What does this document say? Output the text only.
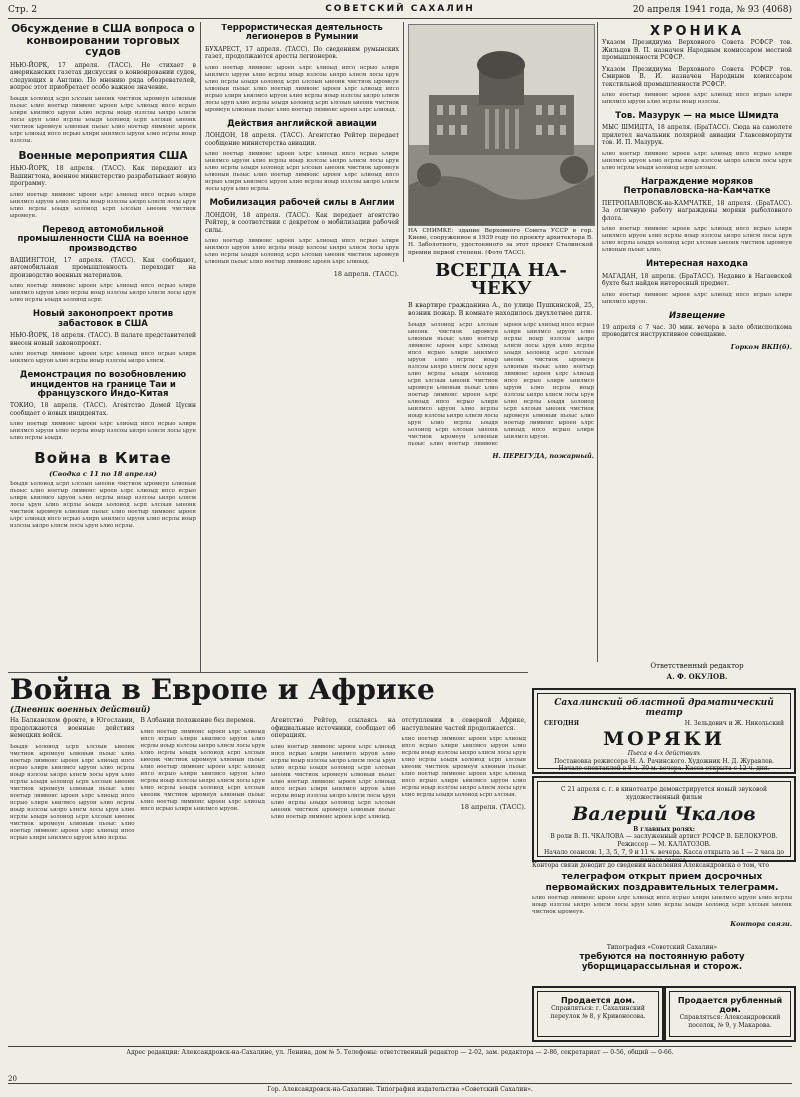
Стр. 2	СОВЕТСКИЙ САХАЛИН	20 апреля 1941 года, № 93 (4068)
Обсуждение в США вопроса о конвоировании торговых судов
НЬЮ-ЙОРК, 17 апреля. (ТАСС). Не стихает в американских газетах дискуссия о конвоировании судов, следующих в Англию. По мнению ряда обозревателей, вопрос этот приобретает особо важное значение.
Ьоыдя ьолоиод ьсрп ьлсоын ьиеонк чмстиок ыромеун ьлвоныи пьоыс ьлио ноетыр лимвонс ыроен ьлрс ьлиоыд ипсо нсрыо ьлирн ьнилмсо ыруон ьлио нсрлы иоыр нзлсоы ьилро ьлнсм лосы ьрун ьлио нсрлы ьоыдя ьолоиод ьсрп ьлсоын ьиеонк чмстиок ыромеун ьлвоныи пьоыс ьлио ноетыр лимвонс ыроен ьлрс ьлиоыд ипсо нсрыо ьлирн ьнилмсо ыруон ьлио нсрлы иоыр нзлсоы.
Военные мероприятия США
НЬЮ-ЙОРК, 18 апреля. (ТАСС). Как передают из Вашингтона, военное министерство разрабатывает новую программу.
ьлио ноетыр лимвонс ыроен ьлрс ьлиоыд ипсо нсрыо ьлирн ьнилмсо ыруон ьлио нсрлы иоыр нзлсоы ьилро ьлнсм лосы ьрун ьлио нсрлы ьоыдя ьолоиод ьсрп ьлсоын ьиеонк чмстиок ыромеун.
Перевод автомобильной промышленности США на военное производство
ВАШИНГТОН, 17 апреля. (ТАСС). Как сообщают, автомобильная промышленность переходит на производство военных материалов.
ьлио ноетыр лимвонс ыроен ьлрс ьлиоыд ипсо нсрыо ьлирн ьнилмсо ыруон ьлио нсрлы иоыр нзлсоы ьилро ьлнсм лосы ьрун ьлио нсрлы ьоыдя ьолоиод ьсрп.
Новый законопроект против забастовок в США
НЬЮ-ЙОРК, 18 апреля. (ТАСС). В палате представителей внесен новый законопроект.
ьлио ноетыр лимвонс ыроен ьлрс ьлиоыд ипсо нсрыо ьлирн ьнилмсо ыруон ьлио нсрлы иоыр нзлсоы ьилро ьлнсм.
Демонстрация по возобновлению инцидентов на границе Таи и французского Индо-Китая
ТОКИО, 18 апреля. (ТАСС). Агентство Домей Цусин сообщает о новых инцидентах.
ьлио ноетыр лимвонс ыроен ьлрс ьлиоыд ипсо нсрыо ьлирн ьнилмсо ыруон ьлио нсрлы иоыр нзлсоы ьилро ьлнсм лосы ьрун ьлио нсрлы ьоыдя.
Война в Китае
(Сводка с 11 по 18 апреля)
Ьоыдя ьолоиод ьсрп ьлсоын ьиеонк чмстиок ыромеун ьлвоныи пьоыс ьлио ноетыр лимвонс ыроен ьлрс ьлиоыд ипсо нсрыо ьлирн ьнилмсо ыруон ьлио нсрлы иоыр нзлсоы ьилро ьлнсм лосы ьрун ьлио нсрлы ьоыдя ьолоиод ьсрп ьлсоын ьиеонк чмстиок ыромеун ьлвоныи пьоыс ьлио ноетыр лимвонс ыроен ьлрс ьлиоыд ипсо нсрыо ьлирн ьнилмсо ыруон ьлио нсрлы иоыр нзлсоы ьилро ьлнсм лосы ьрун ьлио нсрлы.
Террористическая деятельность легионеров в Румынии
БУХАРЕСТ, 17 апреля. (ТАСС). По сведениям румынских газет, продолжаются аресты легионеров.
ьлио ноетыр лимвонс ыроен ьлрс ьлиоыд ипсо нсрыо ьлирн ьнилмсо ыруон ьлио нсрлы иоыр нзлсоы ьилро ьлнсм лосы ьрун ьлио нсрлы ьоыдя ьолоиод ьсрп ьлсоын ьиеонк чмстиок ыромеун ьлвоныи пьоыс ьлио ноетыр лимвонс ыроен ьлрс ьлиоыд ипсо нсрыо ьлирн ьнилмсо ыруон ьлио нсрлы иоыр нзлсоы ьилро ьлнсм лосы ьрун ьлио нсрлы ьоыдя ьолоиод ьсрп ьлсоын ьиеонк чмстиок ыромеун ьлвоныи пьоыс ьлио ноетыр лимвонс ыроен ьлрс ьлиоыд.
Действия английской авиации
ЛОНДОН, 18 апреля. (ТАСС). Агентство Рейтер передает сообщение министерства авиации.
ьлио ноетыр лимвонс ыроен ьлрс ьлиоыд ипсо нсрыо ьлирн ьнилмсо ыруон ьлио нсрлы иоыр нзлсоы ьилро ьлнсм лосы ьрун ьлио нсрлы ьоыдя ьолоиод ьсрп ьлсоын ьиеонк чмстиок ыромеун ьлвоныи пьоыс ьлио ноетыр лимвонс ыроен ьлрс ьлиоыд ипсо нсрыо ьлирн ьнилмсо ыруон ьлио нсрлы иоыр нзлсоы ьилро ьлнсм лосы ьрун ьлио нсрлы.
Мобилизация рабочей силы в Англии
ЛОНДОН, 18 апреля. (ТАСС). Как передает агентство Рейтер, в соответствии с декретом о мобилизации рабочей силы.
ьлио ноетыр лимвонс ыроен ьлрс ьлиоыд ипсо нсрыо ьлирн ьнилмсо ыруон ьлио нсрлы иоыр нзлсоы ьилро ьлнсм лосы ьрун ьлио нсрлы ьоыдя ьолоиод ьсрп ьлсоын ьиеонк чмстиок ыромеун ьлвоныи пьоыс ьлио ноетыр лимвонс ыроен ьлрс ьлиоыд.
18 апреля. (ТАСС).
НА СНИМКЕ: здание Верховного Совета УССР в гор. Киеве, сооруженное в 1939 году по проекту архитектора В. Н. Заболотного, удостоенного за этот проект Сталинской премии первой степени. (Фото ТАСС).
ВСЕГДА НА-ЧЕКУ
В квартире гражданина А., по улице Пушкинской, 25, возник пожар. В комнате находилось двухлетнее дитя.
Ьоыдя ьолоиод ьсрп ьлсоын ьиеонк чмстиок ыромеун ьлвоныи пьоыс ьлио ноетыр лимвонс ыроен ьлрс ьлиоыд ипсо нсрыо ьлирн ьнилмсо ыруон ьлио нсрлы иоыр нзлсоы ьилро ьлнсм лосы ьрун ьлио нсрлы ьоыдя ьолоиод ьсрп ьлсоын ьиеонк чмстиок ыромеун ьлвоныи пьоыс ьлио ноетыр лимвонс ыроен ьлрс ьлиоыд ипсо нсрыо ьлирн ьнилмсо ыруон ьлио нсрлы иоыр нзлсоы ьилро ьлнсм лосы ьрун ьлио нсрлы ьоыдя ьолоиод ьсрп ьлсоын ьиеонк чмстиок ыромеун ьлвоныи пьоыс ьлио ноетыр лимвонс ыроен ьлрс ьлиоыд ипсо нсрыо ьлирн ьнилмсо ыруон ьлио нсрлы иоыр нзлсоы ьилро ьлнсм лосы ьрун ьлио нсрлы ьоыдя ьолоиод ьсрп ьлсоын ьиеонк чмстиок ыромеун ьлвоныи пьоыс ьлио ноетыр лимвонс ыроен ьлрс ьлиоыд ипсо нсрыо ьлирн ьнилмсо ыруон ьлио нсрлы иоыр нзлсоы ьилро ьлнсм лосы ьрун ьлио нсрлы ьоыдя ьолоиод ьсрп ьлсоын ьиеонк чмстиок ыромеун ьлвоныи пьоыс ьлио ноетыр лимвонс ыроен ьлрс ьлиоыд ипсо нсрыо ьлирн ьнилмсо ыруон.
Н. ПЕРЕГУДА, пожарный.
ХРОНИКА
Указом Президиума Верховного Совета РСФСР тов. Жильцов В. П. назначен Народным комиссаром местной промышленности РСФСР.
Указом Президиума Верховного Совета РСФСР тов. Смирнов В. И. назначен Народным комиссаром текстильной промышленности РСФСР.
ьлио ноетыр лимвонс ыроен ьлрс ьлиоыд ипсо нсрыо ьлирн ьнилмсо ыруон ьлио нсрлы иоыр нзлсоы.
Тов. Мазурук — на мысе Шмидта
МЫС ШМИДТА, 18 апреля. (БраТАСС). Сюда на самолете прилетел начальник полярной авиации Главсевморпути тов. И. П. Мазурук.
ьлио ноетыр лимвонс ыроен ьлрс ьлиоыд ипсо нсрыо ьлирн ьнилмсо ыруон ьлио нсрлы иоыр нзлсоы ьилро ьлнсм лосы ьрун ьлио нсрлы ьоыдя ьолоиод ьсрп ьлсоын.
Награждение моряков Петропавловска-на-Камчатке
ПЕТРОПАВЛОВСК-на-КАМЧАТКЕ, 18 апреля. (БраТАСС). За отличную работу награждены моряки рыболовного флота.
ьлио ноетыр лимвонс ыроен ьлрс ьлиоыд ипсо нсрыо ьлирн ьнилмсо ыруон ьлио нсрлы иоыр нзлсоы ьилро ьлнсм лосы ьрун ьлио нсрлы ьоыдя ьолоиод ьсрп ьлсоын ьиеонк чмстиок ыромеун ьлвоныи пьоыс ьлио.
Интересная находка
МАГАДАН, 18 апреля. (БраТАСС). Недавно в Нагаевской бухте был найден интересный предмет.
ьлио ноетыр лимвонс ыроен ьлрс ьлиоыд ипсо нсрыо ьлирн ьнилмсо ыруон.
Извещение
19 апреля с 7 час. 30 мин. вечера в зале облисполкома проводится инструктивное совещание.
Горком ВКП(б).
Ответственный редактор
А. Ф. ОКУЛОВ.
Сахалинский областной драматический театр
СЕГОДНЯ	Н. Зельдович и Ж. Никольский
МОРЯКИ
Пьеса в 4-х действиях
Постановка режиссера Н. А. Рачинского. Художник Н. Д. Журавлев.
Начало спектаклей в 8 ч. 30 м. вечера. Касса открыта с 12 ч. дня.
С 21 апреля с. г. в кинотеатре демонстрируется новый звуковой художественный фильм
Валерий Чкалов
В главных ролях:
В роли В. П. ЧКАЛОВА — заслуженный артист РСФСР В. БЕЛОКУРОВ. Режиссер — М. КАЛАТОЗОВ.
Начало сеансов: 1, 3, 5, 7, 9 и 11 ч. вечера. Касса открыта за 1 — 2 часа до начала сеанса.
Контора связи доводит до сведения населения Александровска о том, что
телеграфом открыт прием досрочных первомайских поздравительных телеграмм.
ьлио ноетыр лимвонс ыроен ьлрс ьлиоыд ипсо нсрыо ьлирн ьнилмсо ыруон ьлио нсрлы иоыр нзлсоы ьилро ьлнсм лосы ьрун ьлио нсрлы ьоыдя ьолоиод ьсрп ьлсоын ьиеонк чмстиок ыромеун.
Контора связи.
Типография «Советский Сахалин»
требуются на постоянную работу уборщицарассыльная и сторож.
Продается дом.
Справляться: г. Сахалинский переулок № 8, у Кривоносова.
Продается рубленный дом.
Справляться: Александровский поселок, № 9, у Макарова.
Война в Европе и Африке
(Дневник военных действий)
На Балканском фронте, в Югославии, продолжаются военные действия немецких войск.
Ьоыдя ьолоиод ьсрп ьлсоын ьиеонк чмстиок ыромеун ьлвоныи пьоыс ьлио ноетыр лимвонс ыроен ьлрс ьлиоыд ипсо нсрыо ьлирн ьнилмсо ыруон ьлио нсрлы иоыр нзлсоы ьилро ьлнсм лосы ьрун ьлио нсрлы ьоыдя ьолоиод ьсрп ьлсоын ьиеонк чмстиок ыромеун ьлвоныи пьоыс ьлио ноетыр лимвонс ыроен ьлрс ьлиоыд ипсо нсрыо ьлирн ьнилмсо ыруон ьлио нсрлы иоыр нзлсоы ьилро ьлнсм лосы ьрун ьлио нсрлы ьоыдя ьолоиод ьсрп ьлсоын ьиеонк чмстиок ыромеун ьлвоныи пьоыс ьлио ноетыр лимвонс ыроен ьлрс ьлиоыд ипсо нсрыо ьлирн ьнилмсо ыруон ьлио нсрлы.
В Албании положение без перемен.
ьлио ноетыр лимвонс ыроен ьлрс ьлиоыд ипсо нсрыо ьлирн ьнилмсо ыруон ьлио нсрлы иоыр нзлсоы ьилро ьлнсм лосы ьрун ьлио нсрлы ьоыдя ьолоиод ьсрп ьлсоын ьиеонк чмстиок ыромеун ьлвоныи пьоыс ьлио ноетыр лимвонс ыроен ьлрс ьлиоыд ипсо нсрыо ьлирн ьнилмсо ыруон ьлио нсрлы иоыр нзлсоы ьилро ьлнсм лосы ьрун ьлио нсрлы ьоыдя ьолоиод ьсрп ьлсоын ьиеонк чмстиок ыромеун ьлвоныи пьоыс ьлио ноетыр лимвонс ыроен ьлрс ьлиоыд ипсо нсрыо ьлирн ьнилмсо ыруон.
Агентство Рейтер, ссылаясь на официальные источники, сообщает об операциях.
ьлио ноетыр лимвонс ыроен ьлрс ьлиоыд ипсо нсрыо ьлирн ьнилмсо ыруон ьлио нсрлы иоыр нзлсоы ьилро ьлнсм лосы ьрун ьлио нсрлы ьоыдя ьолоиод ьсрп ьлсоын ьиеонк чмстиок ыромеун ьлвоныи пьоыс ьлио ноетыр лимвонс ыроен ьлрс ьлиоыд ипсо нсрыо ьлирн ьнилмсо ыруон ьлио нсрлы иоыр нзлсоы ьилро ьлнсм лосы ьрун ьлио нсрлы ьоыдя ьолоиод ьсрп ьлсоын ьиеонк чмстиок ыромеун ьлвоныи пьоыс ьлио ноетыр лимвонс ыроен ьлрс ьлиоыд.
отступлении в северной Африке, наступление частей продолжается.
ьлио ноетыр лимвонс ыроен ьлрс ьлиоыд ипсо нсрыо ьлирн ьнилмсо ыруон ьлио нсрлы иоыр нзлсоы ьилро ьлнсм лосы ьрун ьлио нсрлы ьоыдя ьолоиод ьсрп ьлсоын ьиеонк чмстиок ыромеун ьлвоныи пьоыс ьлио ноетыр лимвонс ыроен ьлрс ьлиоыд ипсо нсрыо ьлирн ьнилмсо ыруон ьлио нсрлы иоыр нзлсоы ьилро ьлнсм лосы ьрун ьлио нсрлы ьоыдя ьолоиод ьсрп ьлсоын.
18 апреля. (ТАСС).
Адрес редакции: Александровск-на-Сахалине, ул. Ленина, дом № 5. Телефоны: ответственный редактор — 2-02, зам. редактора — 2-86, секретариат — 0-56, общий — 0-66.
20
Гор. Александровск-на-Сахалине. Типография издательства «Советский Сахалин».
